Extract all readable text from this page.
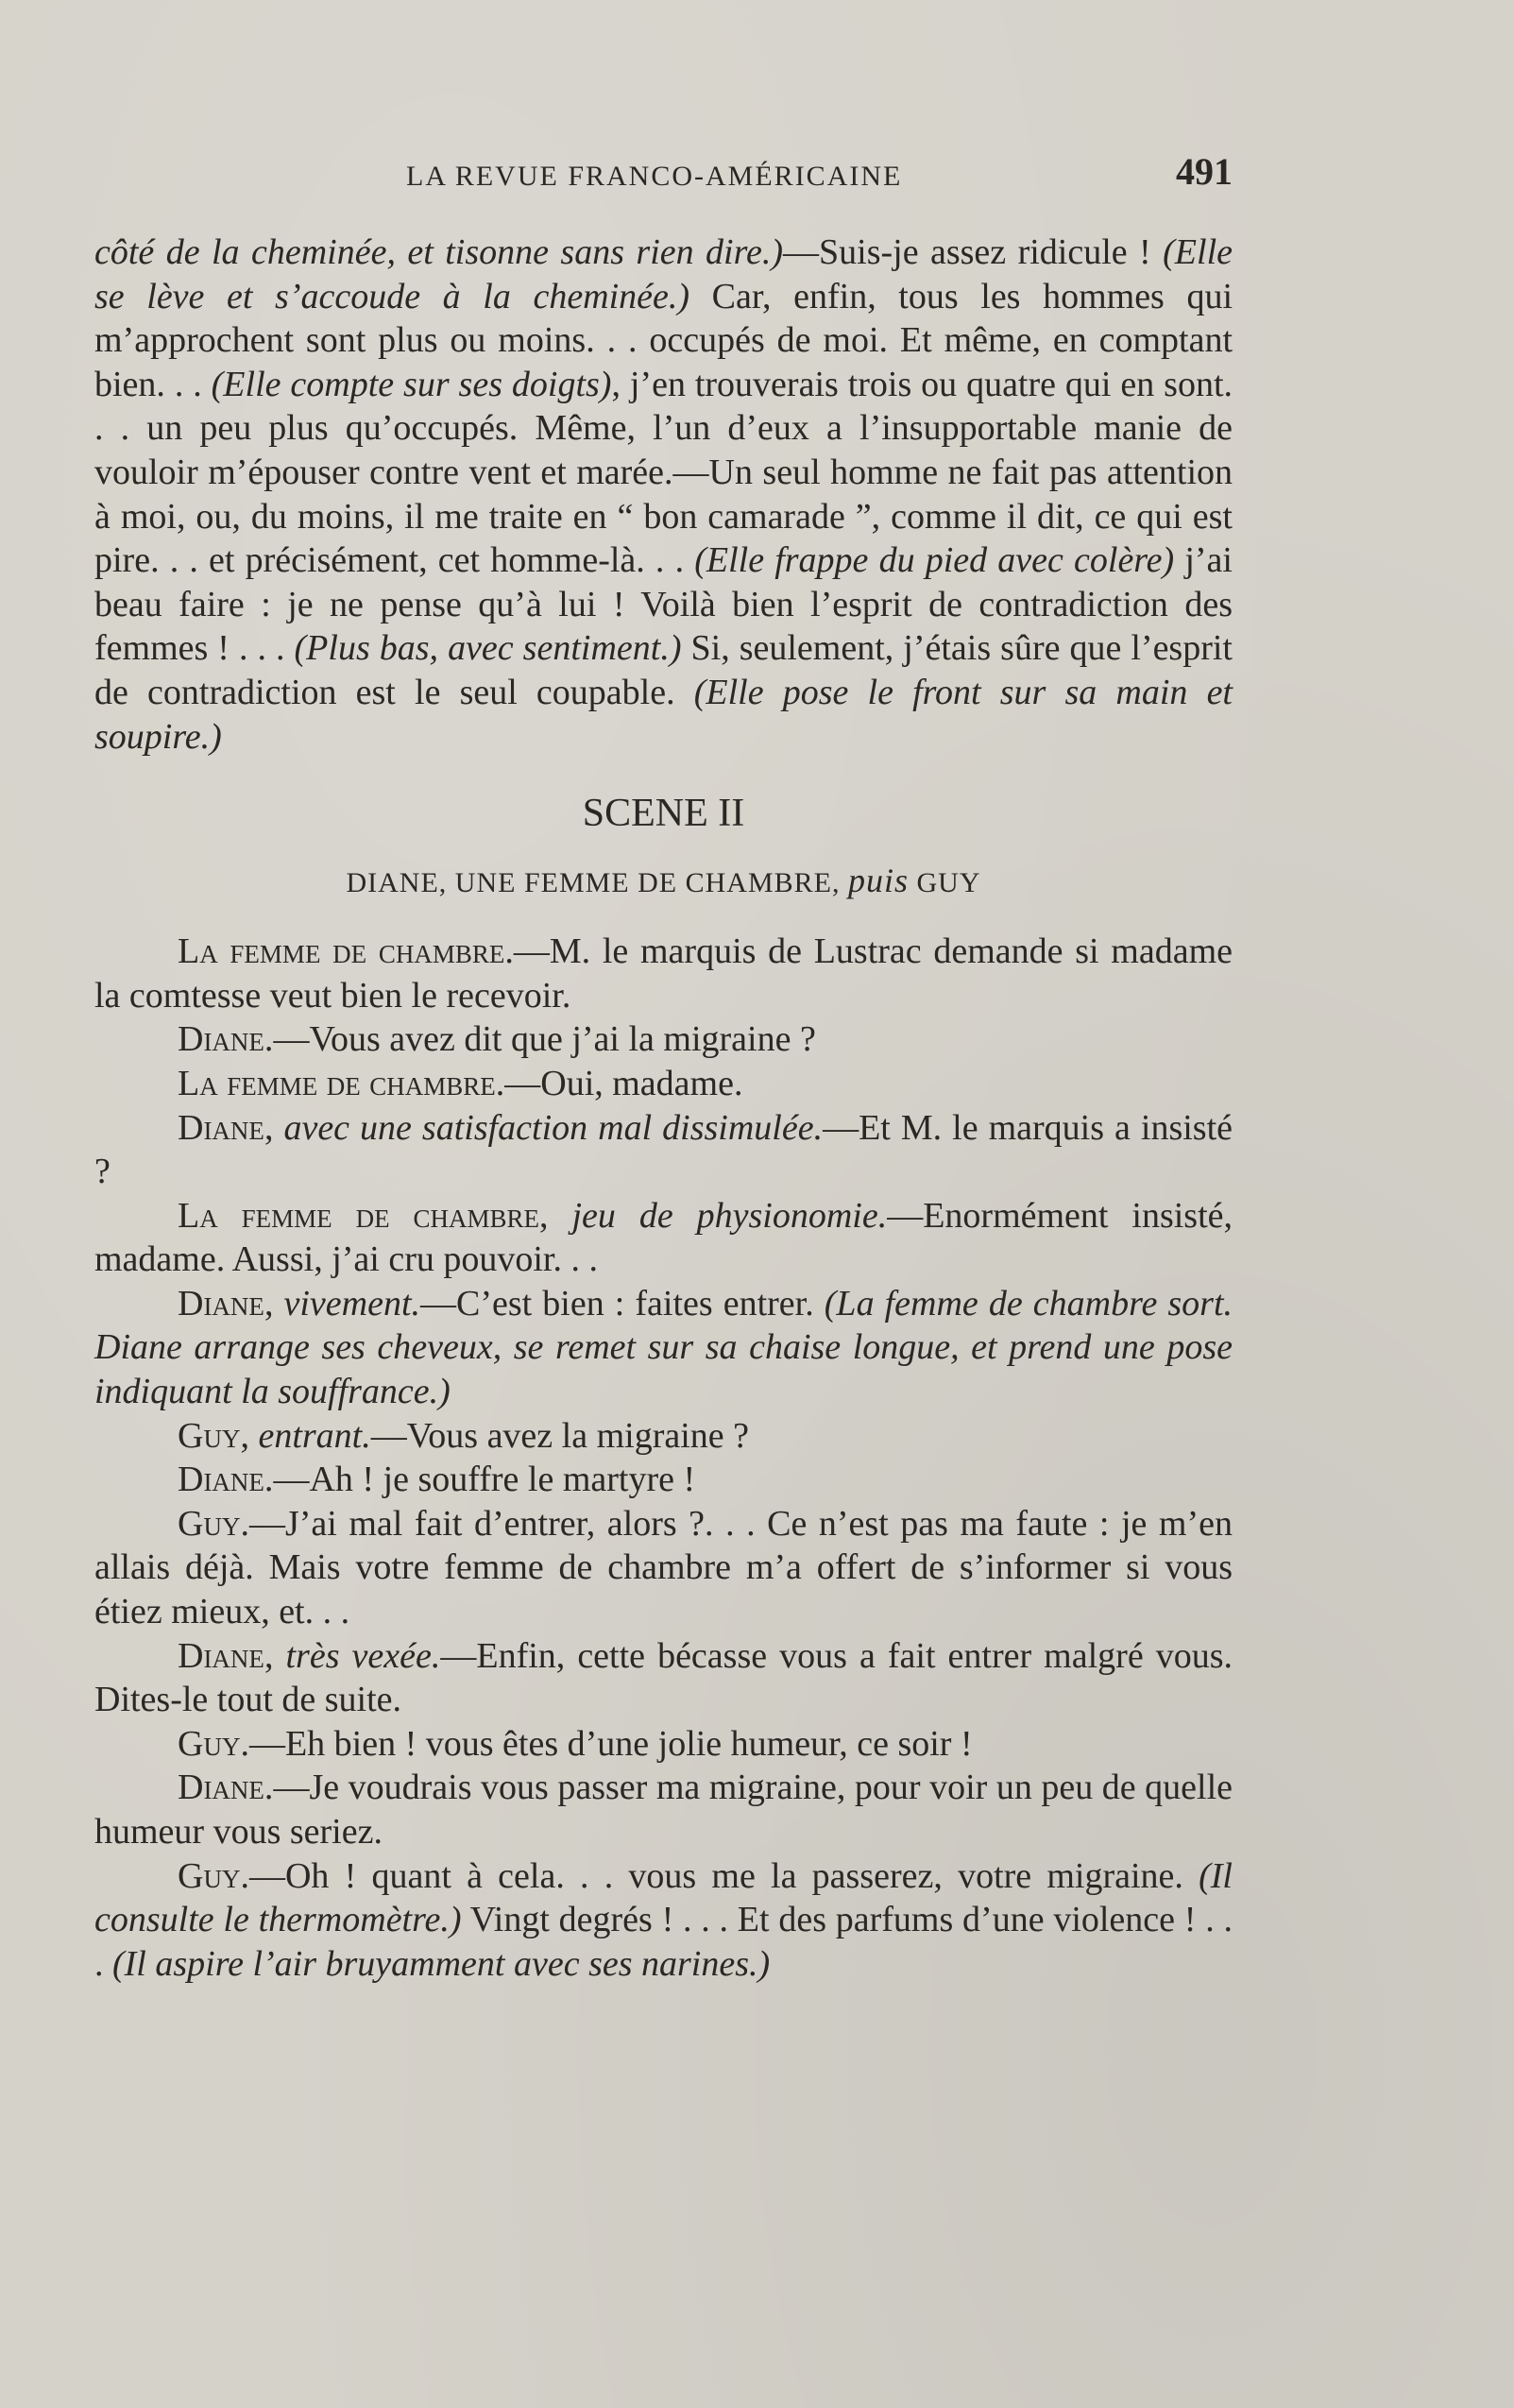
LA REVUE FRANCO-AMÉRICAINE	491

côté de la cheminée, et tisonne sans rien dire.)—Suis-je assez ridicule ! (Elle se lève et s’accoude à la cheminée.) Car, enfin, tous les hommes qui m’approchent sont plus ou moins. . . occupés de moi. Et même, en comptant bien. . . (Elle compte sur ses doigts), j’en trouverais trois ou quatre qui en sont. . . un peu plus qu’occupés. Même, l’un d’eux a l’insupportable manie de vouloir m’épouser contre vent et marée.—Un seul homme ne fait pas attention à moi, ou, du moins, il me traite en “ bon camarade ”, comme il dit, ce qui est pire. . . et précisément, cet homme-là. . . (Elle frappe du pied avec colère) j’ai beau faire : je ne pense qu’à lui ! Voilà bien l’esprit de contradiction des femmes ! . . . (Plus bas, avec sentiment.) Si, seulement, j’étais sûre que l’esprit de contradiction est le seul coupable. (Elle pose le front sur sa main et soupire.)

SCENE II
DIANE, UNE FEMME DE CHAMBRE, puis GUY

La femme de chambre.—M. le marquis de Lustrac demande si madame la comtesse veut bien le recevoir.

Diane.—Vous avez dit que j’ai la migraine ?

La femme de chambre.—Oui, madame.

Diane, avec une satisfaction mal dissimulée.—Et M. le marquis a insisté ?

La femme de chambre, jeu de physionomie.—Enormément insisté, madame. Aussi, j’ai cru pouvoir. . .

Diane, vivement.—C’est bien : faites entrer. (La femme de chambre sort. Diane arrange ses cheveux, se remet sur sa chaise longue, et prend une pose indiquant la souffrance.)

Guy, entrant.—Vous avez la migraine ?

Diane.—Ah ! je souffre le martyre !

Guy.—J’ai mal fait d’entrer, alors ?. . . Ce n’est pas ma faute : je m’en allais déjà. Mais votre femme de chambre m’a offert de s’informer si vous étiez mieux, et. . .

Diane, très vexée.—Enfin, cette bécasse vous a fait entrer malgré vous. Dites-le tout de suite.

Guy.—Eh bien ! vous êtes d’une jolie humeur, ce soir !

Diane.—Je voudrais vous passer ma migraine, pour voir un peu de quelle humeur vous seriez.

Guy.—Oh ! quant à cela. . . vous me la passerez, votre migraine. (Il consulte le thermomètre.) Vingt degrés ! . . . Et des parfums d’une violence ! . . . (Il aspire l’air bruyamment avec ses narines.)
